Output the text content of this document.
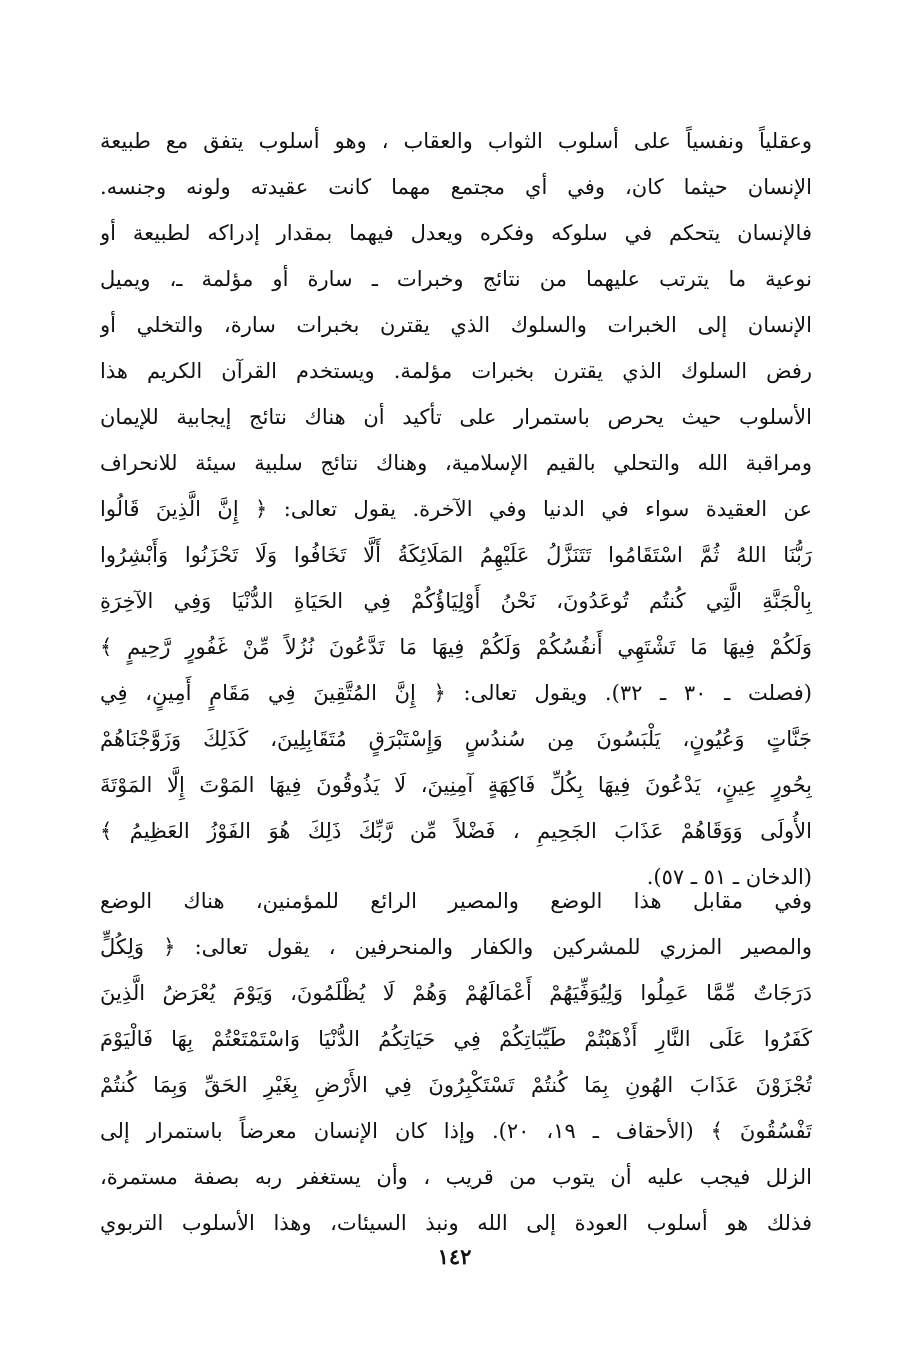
وعقلياً ونفسياً على أسلوب الثواب والعقاب ، وهو أسلوب يتفق مع طبيعة
الإنسان حيثما كان، وفي أي مجتمع مهما كانت عقيدته ولونه وجنسه.
فالإنسان يتحكم في سلوكه وفكره ويعدل فيهما بمقدار إدراكه لطبيعة أو
نوعية ما يترتب عليهما من نتائج وخبرات ـ سارة أو مؤلمة ـ، ويميل
الإنسان إلى الخبرات والسلوك الذي يقترن بخبرات سارة، والتخلي أو
رفض السلوك الذي يقترن بخبرات مؤلمة. ويستخدم القرآن الكريم هذا
الأسلوب حيث يحرص باستمرار على تأكيد أن هناك نتائج إيجابية للإيمان
ومراقبة الله والتحلي بالقيم الإسلامية، وهناك نتائج سلبية سيئة للانحراف
عن العقيدة سواء في الدنيا وفي الآخرة. يقول تعالى: ﴿ إِنَّ الَّذِينَ قَالُوا
رَبُّنَا اللهُ ثُمَّ اسْتَقَامُوا تَتَنَزَّلُ عَلَيْهِمُ المَلَائِكَةُ أَلَّا تَخَافُوا وَلَا تَحْزَنُوا وَأَبْشِرُوا
بِالْجَنَّةِ الَّتِي كُنتُم تُوعَدُونَ، نَحْنُ أَوْلِيَاؤُكُمْ فِي الحَيَاةِ الدُّنْيَا وَفِي الآخِرَةِ
وَلَكُمْ فِيهَا مَا تَشْتَهِي أَنفُسُكُمْ وَلَكُمْ فِيهَا مَا تَدَّعُونَ نُزُلاً مِّنْ غَفُورٍ رَّحِيمٍ ﴾
(فصلت ـ ٣٠ ـ ٣٢). ويقول تعالى: ﴿ إِنَّ المُتَّقِينَ فِي مَقَامٍ أَمِينٍ، فِي
جَنَّاتٍ وَعُيُونٍ، يَلْبَسُونَ مِن سُندُسٍ وَإِسْتَبْرَقٍ مُتَقَابِلِينَ، كَذَلِكَ وَزَوَّجْنَاهُمْ
بِحُورٍ عِينٍ، يَدْعُونَ فِيهَا بِكُلِّ فَاكِهَةٍ آمِنِينَ، لَا يَذُوقُونَ فِيهَا المَوْتَ إِلَّا المَوْتَةَ
الأُولَى وَوَقَاهُمْ عَذَابَ الجَحِيمِ ، فَضْلاً مِّن رَّبِّكَ ذَلِكَ هُوَ الفَوْزُ العَظِيمُ ﴾
(الدخان ـ ٥١ ـ ٥٧).
وفي مقابل هذا الوضع والمصير الرائع للمؤمنين، هناك الوضع
والمصير المزري للمشركين والكفار والمنحرفين ، يقول تعالى: ﴿ وَلِكُلٍّ
دَرَجَاتٌ مِّمَّا عَمِلُوا وَلِيُوَفِّيَهُمْ أَعْمَالَهُمْ وَهُمْ لَا يُظْلَمُونَ، وَيَوْمَ يُعْرَضُ الَّذِينَ
كَفَرُوا عَلَى النَّارِ أَذْهَبْتُمْ طَيِّبَاتِكُمْ فِي حَيَاتِكُمُ الدُّنْيَا وَاسْتَمْتَعْتُمْ بِهَا فَالْيَوْمَ
تُجْزَوْنَ عَذَابَ الهُونِ بِمَا كُنتُمْ تَسْتَكْبِرُونَ فِي الأَرْضِ بِغَيْرِ الحَقِّ وَبِمَا كُنتُمْ
تَفْسُقُونَ ﴾ (الأحقاف ـ ١٩، ٢٠). وإذا كان الإنسان معرضاً باستمرار إلى
الزلل فيجب عليه أن يتوب من قريب ، وأن يستغفر ربه بصفة مستمرة،
فذلك هو أسلوب العودة إلى الله ونبذ السيئات، وهذا الأسلوب التربوي
١٤٢
